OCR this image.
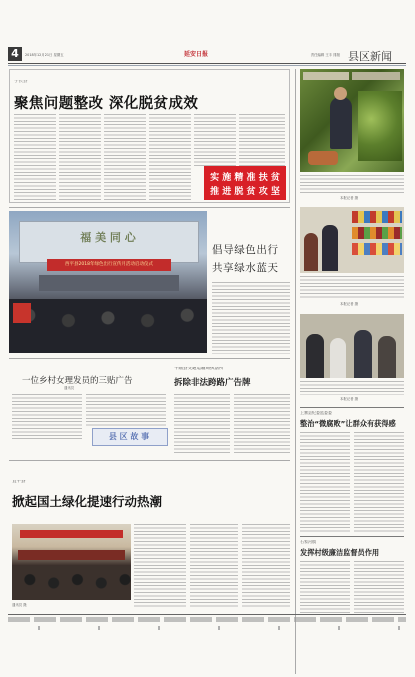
4	延安日报
2018年12月21日 星期五	责任编辑 王丰 排版 县区新闻
子长县
聚焦问题整改 深化脱贫成效
实 施 精 准 扶 贫
推 进 脱 贫 攻 坚
本报记者 摄
本报记者 摄
本报记者 摄
上寨县纪委监委委
整治“微腐败”让群众有获得感
石家河镇
发挥村级廉洁监督员作用
福 美 同 心
西平县2018年绿色出行宣传月活动启动仪式
倡导绿色出行
共享绿水蓝天
一位乡村女理发员的三贴广告
通讯员
平陆县交通运输局执法所
拆除非法跨路广告牌
县 区 故 事
宜平县
掀起国土绿化提速行动热潮
通讯员 摄
